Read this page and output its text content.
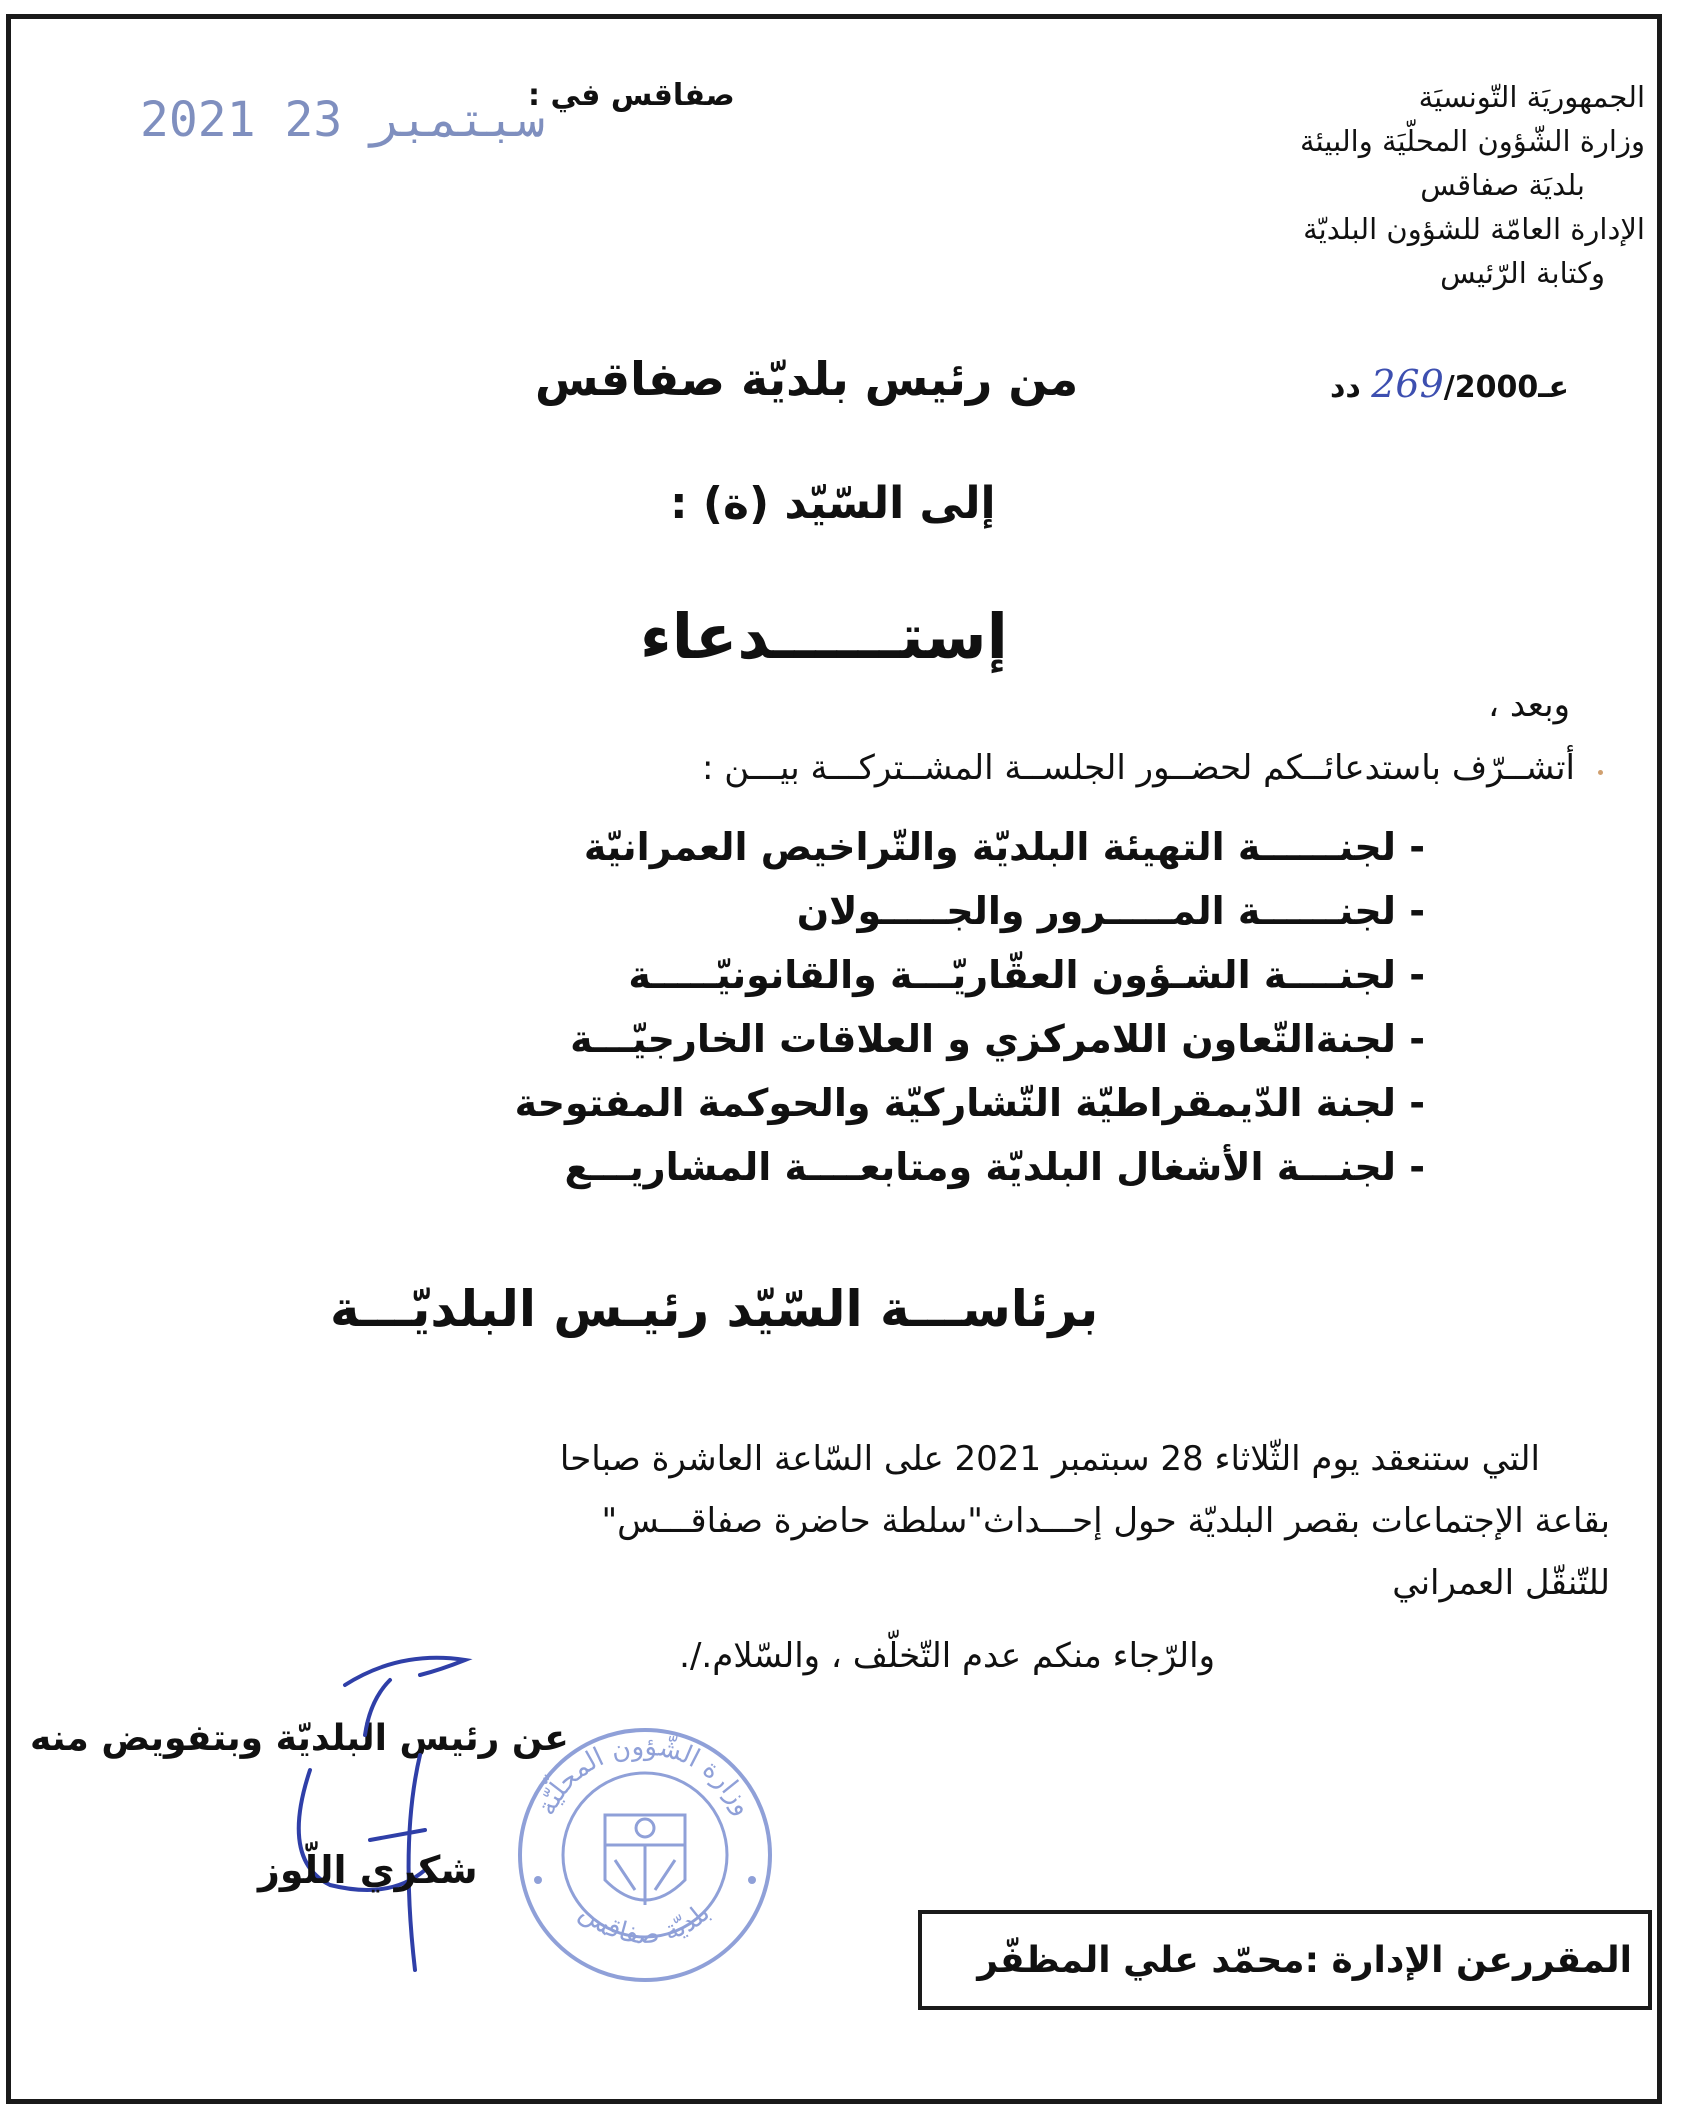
الجمهوريَة التّونسيَة
وزارة الشّؤون المحلّيَة والبيئة
بلديَة صفاقس
الإدارة العامّة للشؤون البلديّة
وكتابة الرّئيس
صفاقس في :
2021 سبتمبر 23
عـ269/2000 دد
من رئيس بلديّة صفاقس
إلى السّيّد (ة) :
إستــــــدعاء
وبعد ،
أتشــرّف باستدعائــكم لحضــور الجلســة المشــتركـــة بيـــن :
- لجنــــــة التهيئة البلديّة والتّراخيص العمرانيّة
- لجنــــــة المـــــرور والجـــــولان
- لجنــــة الشـؤون العقّاريّـــة والقانونيّـــــة
- لجنةالتّعاون اللامركزي و العلاقات الخارجيّـــة
- لجنة الدّيمقراطيّة التّشاركيّة والحوكمة المفتوحة
- لجنـــة الأشغال البلديّة ومتابعــــة المشاريـــع
برئاســـة السّيّد رئيـس البلديّـــة
التي ستنعقد يوم الثّلاثاء 28 سبتمبر 2021 على السّاعة العاشرة صباحا
بقاعة الإجتماعات بقصر البلديّة حول إحـــداث"سلطة حاضرة صفاقـــس"
للتّنقّل العمراني
والرّجاء منكم عدم التّخلّف ، والسّلام./.
وزارة الشّؤون المحلّيّة
بلديّة صفاقس
عن رئيس البلديّة وبتفويض منه
شكري اللّوز
المقررعن الإدارة :محمّد علي المظفّر
